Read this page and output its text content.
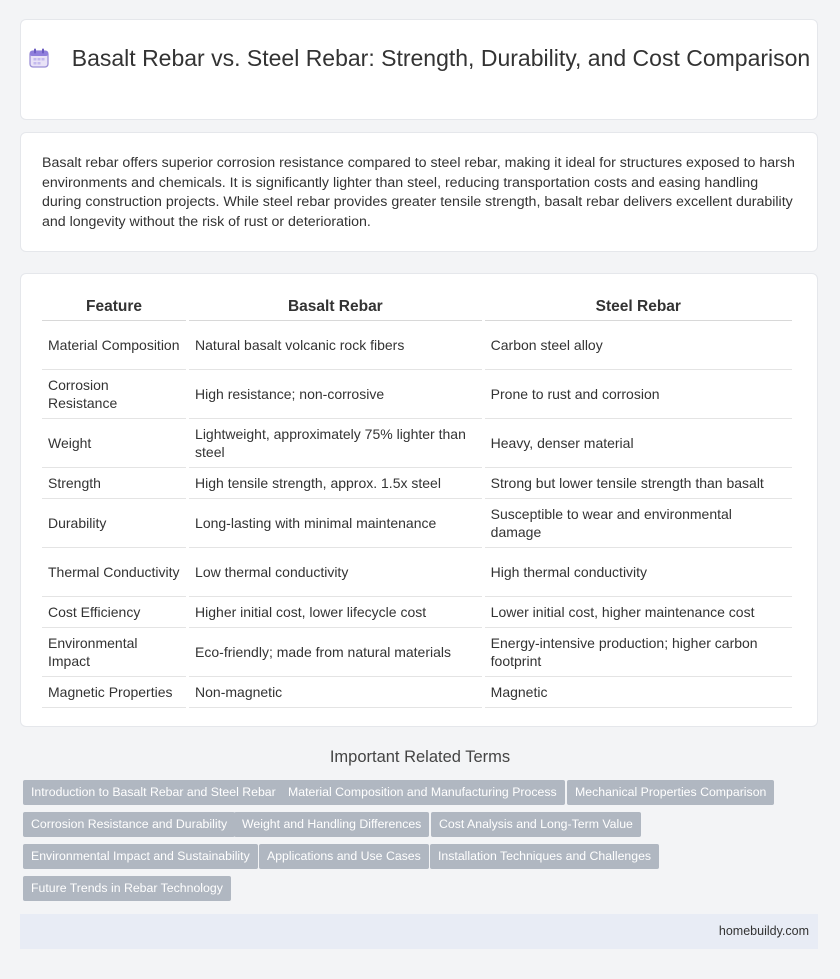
Basalt Rebar vs. Steel Rebar: Strength, Durability, and Cost Comparison
Basalt rebar offers superior corrosion resistance compared to steel rebar, making it ideal for structures exposed to harsh environments and chemicals. It is significantly lighter than steel, reducing transportation costs and easing handling during construction projects. While steel rebar provides greater tensile strength, basalt rebar delivers excellent durability and longevity without the risk of rust or deterioration.
Feature	Basalt Rebar	Steel Rebar
Material Composition	Natural basalt volcanic rock fibers	Carbon steel alloy
Corrosion Resistance	High resistance; non-corrosive	Prone to rust and corrosion
Weight	Lightweight, approximately 75% lighter than steel	Heavy, denser material
Strength	High tensile strength, approx. 1.5x steel	Strong but lower tensile strength than basalt
Durability	Long-lasting with minimal maintenance	Susceptible to wear and environmental damage
Thermal Conductivity	Low thermal conductivity	High thermal conductivity
Cost Efficiency	Higher initial cost, lower lifecycle cost	Lower initial cost, higher maintenance cost
Environmental Impact	Eco-friendly; made from natural materials	Energy-intensive production; higher carbon footprint
Magnetic Properties	Non-magnetic	Magnetic
Important Related Terms
Introduction to Basalt Rebar and Steel Rebar Material Composition and Manufacturing Process	Mechanical Properties Comparison
Corrosion Resistance and Durability	Weight and Handling Differences	Cost Analysis and Long-Term Value
Environmental Impact and Sustainability	Applications and Use Cases	Installation Techniques and Challenges
Future Trends in Rebar Technology
homebuildy.com
